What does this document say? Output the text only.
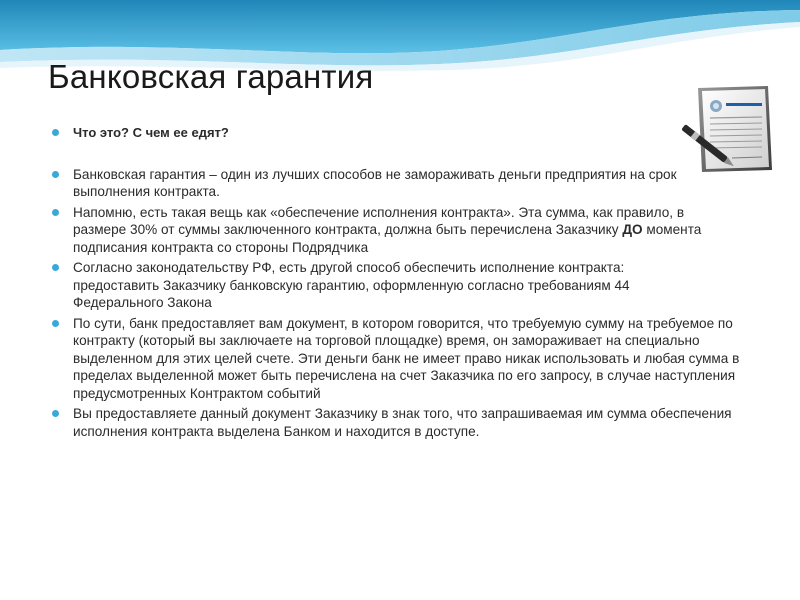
Банковская гарантия
Что это? С чем ее едят?
Банковская гарантия – один из лучших способов не замораживать деньги предприятия на срок выполнения контракта.
Напомню, есть такая вещь как «обеспечение исполнения контракта». Эта сумма, как правило, в размере 30% от суммы заключенного контракта, должна быть перечислена Заказчику ДО момента подписания контракта со стороны Подрядчика
Согласно законодательству РФ, есть другой способ обеспечить исполнение контракта: предоставить Заказчику банковскую гарантию, оформленную согласно требованиям 44 Федерального Закона
По сути, банк предоставляет вам документ, в котором говорится, что требуемую сумму на требуемое по контракту (который вы заключаете на торговой площадке) время, он замораживает на специально выделенном для этих целей счете. Эти деньги банк не имеет право никак использовать и любая сумма в пределах выделенной может быть перечислена на счет Заказчика по его запросу, в случае наступления предусмотренных Контрактом событий
Вы предоставляете данный документ Заказчику в знак того, что запрашиваемая им сумма обеспечения исполнения контракта выделена Банком и находится в доступе.
